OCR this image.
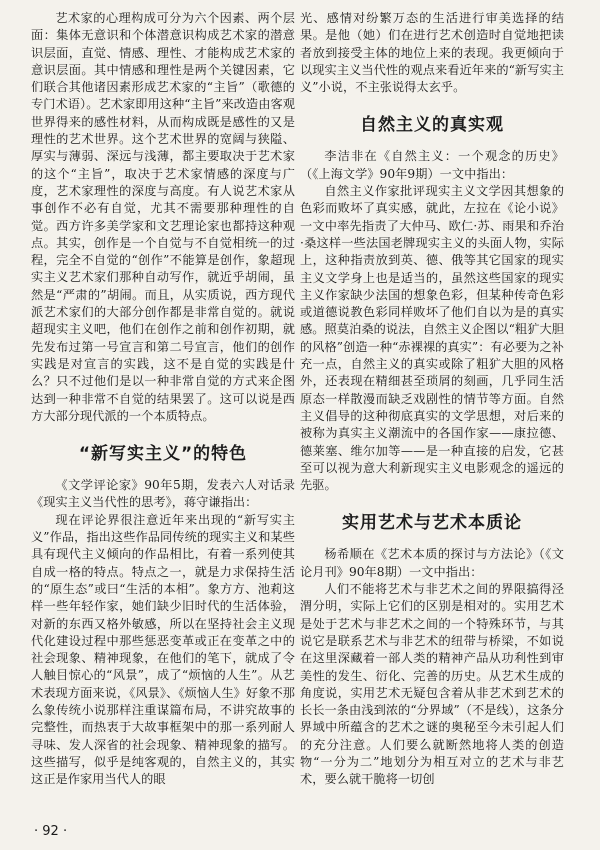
艺术家的心理构成可分为六个因素、两个层面：集体无意识和个体潜意识构成艺术家的潜意识层面，直觉、情感、理性、才能构成艺术家的意识层面。其中情感和理性是两个关键因素，它们联合其他诸因素形成艺术家的“主旨”（歌德的专门术语）。艺术家即用这种“主旨”来改造由客观世界得来的感性材料，从而构成既是感性的又是理性的艺术世界。这个艺术世界的宽阔与狭隘、厚实与薄弱、深远与浅薄，都主要取决于艺术家的这个“主旨”，取决于艺术家情感的深度与广度，艺术家理性的深度与高度。有人说艺术家从事创作不必有自觉，尤其不需要那种理性的自觉。西方许多美学家和文艺理论家也都持这种观点。其实，创作是一个自觉与不自觉相统一的过程，完全不自觉的“创作”不能算是创作，象超现实主义艺术家们那种自动写作，就近乎胡闹，虽然是“严肃的”胡闹。而且，从实质说，西方现代派艺术家们的大部分创作都是非常自觉的。就说超现实主义吧，他们在创作之前和创作初期，就先发布过第一号宣言和第二号宣言，他们的创作实践是对宣言的实践，这不是自觉的实践是什么？只不过他们是以一种非常自觉的方式来企图达到一种非常不自觉的结果罢了。这可以说是西方大部分现代派的一个本质特点。

“新写实主义”的特色

《文学评论家》90年5期，发表六人对话录《现实主义当代性的思考》，蒋守谦指出：

现在评论界很注意近年来出现的“新写实主义”作品，指出这些作品同传统的现实主义和某些具有现代主义倾向的作品相比，有着一系列使其自成一格的特点。特点之一，就是力求保持生活的“原生态”或曰“生活的本相”。象方方、池莉这样一些年轻作家，她们缺少旧时代的生活体验，对新的东西又格外敏感，所以在坚持社会主义现代化建设过程中那些惩恶变革或正在变革之中的社会现象、精神现象，在他们的笔下，就成了令人触目惊心的“风景”，成了“烦恼的人生”。从艺术表现方面来说，《风景》、《烦恼人生》好象不那么象传统小说那样注重谋篇布局，不讲究故事的完整性，而热衷于大故事框架中的那一系列耐人寻味、发人深省的社会现象、精神现象的描写。这些描写，似乎是纯客观的，自然主义的，其实这正是作家用当代人的眼

光、感情对纷繁万态的生活进行审美选择的结果。是他（她）们在进行艺术创造时自觉地把读者放到接受主体的地位上来的表现。我更倾向于以现实主义当代性的观点来看近年来的“新写实主义”小说，不主张说得太玄乎。

自然主义的真实观

李洁非在《自然主义：一个观念的历史》（《上海文学》90年9期）一文中指出：

自然主义作家批评现实主义文学因其想象的色彩而败坏了真实感，就此，左拉在《论小说》一文中率先指责了大仲马、欧仁·苏、雨果和乔治·桑这样一些法国老牌现实主义的头面人物，实际上，这种指责放到英、德、俄等其它国家的现实主义文学身上也是适当的，虽然这些国家的现实主义作家缺少法国的想象色彩，但某种传奇色彩或道德说教色彩同样败坏了他们自以为是的真实感。照莫泊桑的说法，自然主义企图以“粗犷大胆的风格”创造一种“赤裸裸的真实”：有必要为之补充一点，自然主义的真实或除了粗犷大胆的风格外，还表现在精细甚至琐屑的刻画，几乎同生活原态一样散漫而缺乏戏剧性的情节等方面。自然主义倡导的这种彻底真实的文学思想，对后来的被称为真实主义潮流中的各国作家——康拉德、德莱塞、维尔加等——是一种直接的启发，它甚至可以视为意大利新现实主义电影观念的遥远的先驱。

实用艺术与艺术本质论

杨希顺在《艺术本质的探讨与方法论》（《文论月刊》90年8期）一文中指出：

人们不能将艺术与非艺术之间的界限搞得泾渭分明，实际上它们的区别是相对的。实用艺术是处于艺术与非艺术之间的一个特殊环节，与其说它是联系艺术与非艺术的纽带与桥梁，不如说在这里深藏着一部人类的精神产品从功利性到审美性的发生、衍化、完善的历史。从艺术生成的角度说，实用艺术无疑包含着从非艺术到艺术的长长一条由浅到浓的“分界域”（不是线），这条分界域中所蕴含的艺术之谜的奥秘至今未引起人们的充分注意。人们要么就断然地将人类的创造物“一分为二”地划分为相互对立的艺术与非艺术，要么就干脆将一切创

· 92 ·
